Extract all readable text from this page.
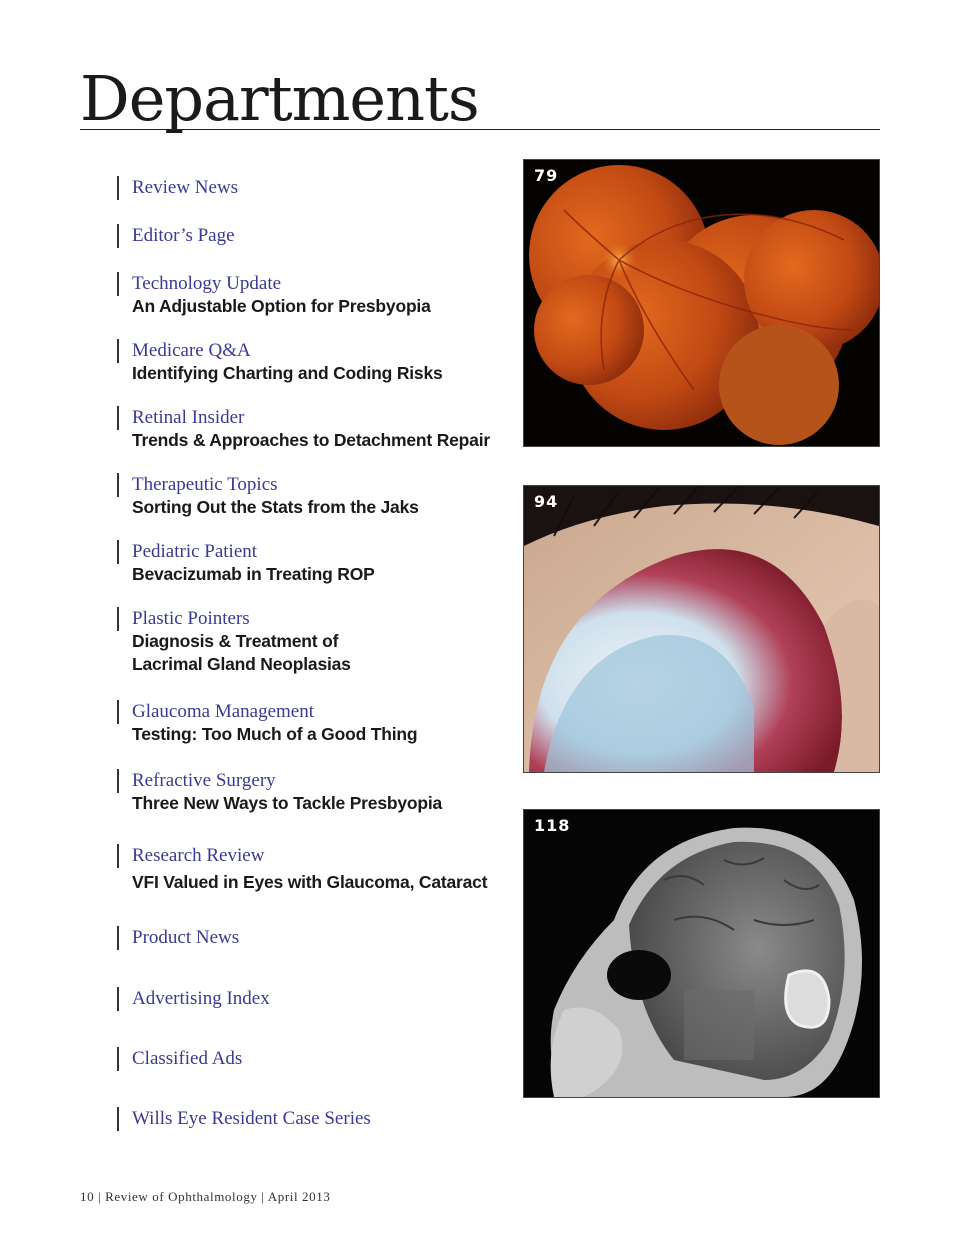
Departments
Review News
Editor’s Page
Technology Update
An Adjustable Option for Presbyopia
Medicare Q&A
Identifying Charting and Coding Risks
Retinal Insider
Trends & Approaches to Detachment Repair
Therapeutic Topics
Sorting Out the Stats from the Jaks
Pediatric Patient
Bevacizumab in Treating ROP
Plastic Pointers
Diagnosis & Treatment of
Lacrimal Gland Neoplasias
Glaucoma Management
Testing: Too Much of a Good Thing
Refractive Surgery
Three New Ways to Tackle Presbyopia
Research Review
VFI Valued in Eyes with Glaucoma, Cataract
Product News
Advertising Index
Classified Ads
Wills Eye Resident Case Series
79
94
118
10 | Review of Ophthalmology | April 2013
